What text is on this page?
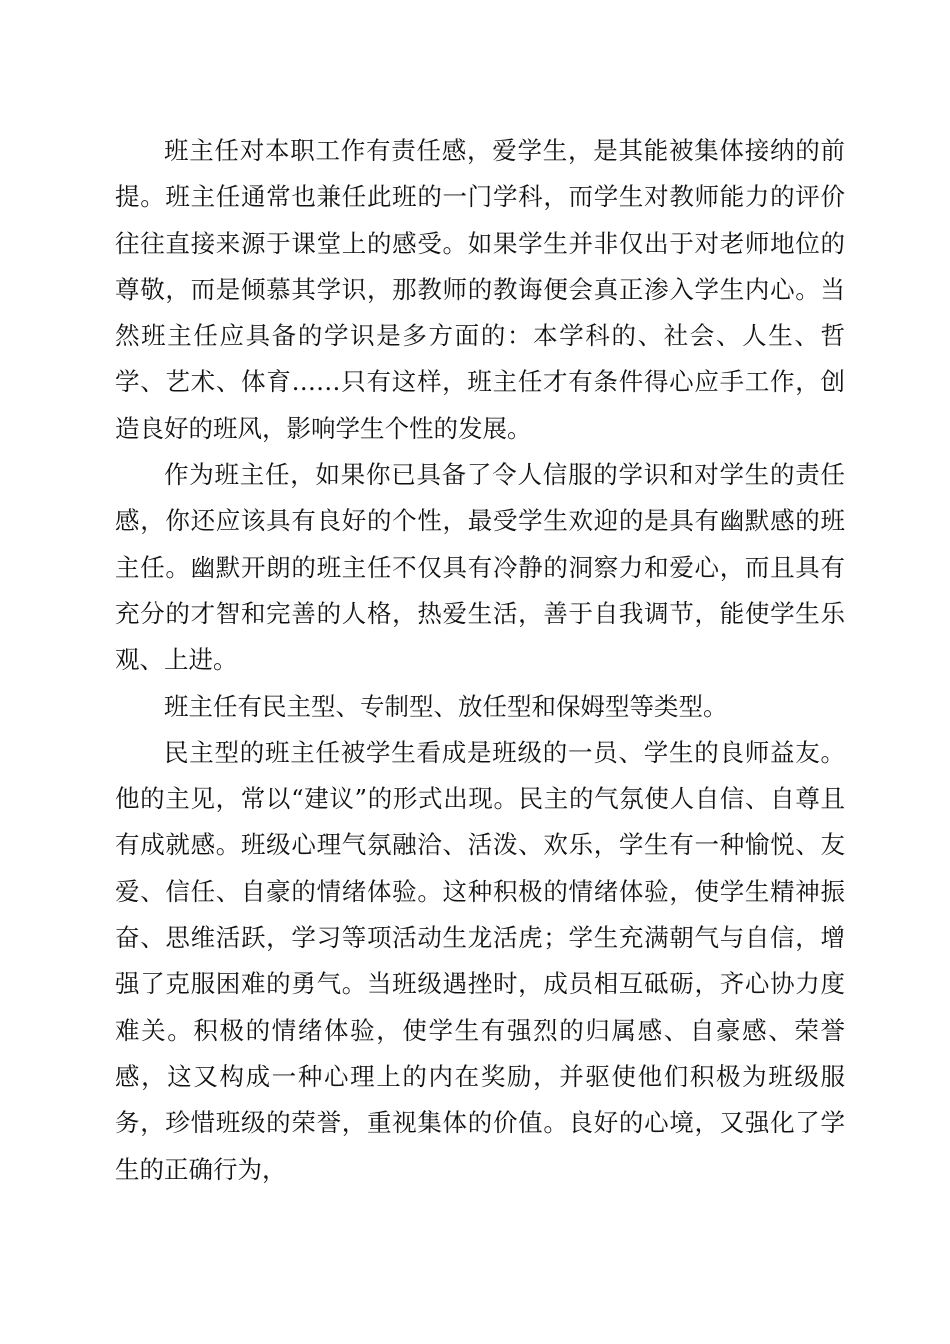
班主任对本职工作有责任感，爱学生，是其能被集体接纳的前提。班主任通常也兼任此班的一门学科，而学生对教师能力的评价往往直接来源于课堂上的感受。如果学生并非仅出于对老师地位的尊敬，而是倾慕其学识，那教师的教诲便会真正渗入学生内心。当然班主任应具备的学识是多方面的：本学科的、社会、人生、哲学、艺术、体育……只有这样，班主任才有条件得心应手工作，创造良好的班风，影响学生个性的发展。

作为班主任，如果你已具备了令人信服的学识和对学生的责任感，你还应该具有良好的个性，最受学生欢迎的是具有幽默感的班主任。幽默开朗的班主任不仅具有冷静的洞察力和爱心，而且具有充分的才智和完善的人格，热爱生活，善于自我调节，能使学生乐观、上进。

班主任有民主型、专制型、放任型和保姆型等类型。

民主型的班主任被学生看成是班级的一员、学生的良师益友。他的主见，常以“建议”的形式出现。民主的气氛使人自信、自尊且有成就感。班级心理气氛融洽、活泼、欢乐，学生有一种愉悦、友爱、信任、自豪的情绪体验。这种积极的情绪体验，使学生精神振奋、思维活跃，学习等项活动生龙活虎；学生充满朝气与自信，增强了克服困难的勇气。当班级遇挫时，成员相互砥砺，齐心协力度难关。积极的情绪体验，使学生有强烈的归属感、自豪感、荣誉感，这又构成一种心理上的内在奖励，并驱使他们积极为班级服务，珍惜班级的荣誉，重视集体的价值。良好的心境，又强化了学生的正确行为，
